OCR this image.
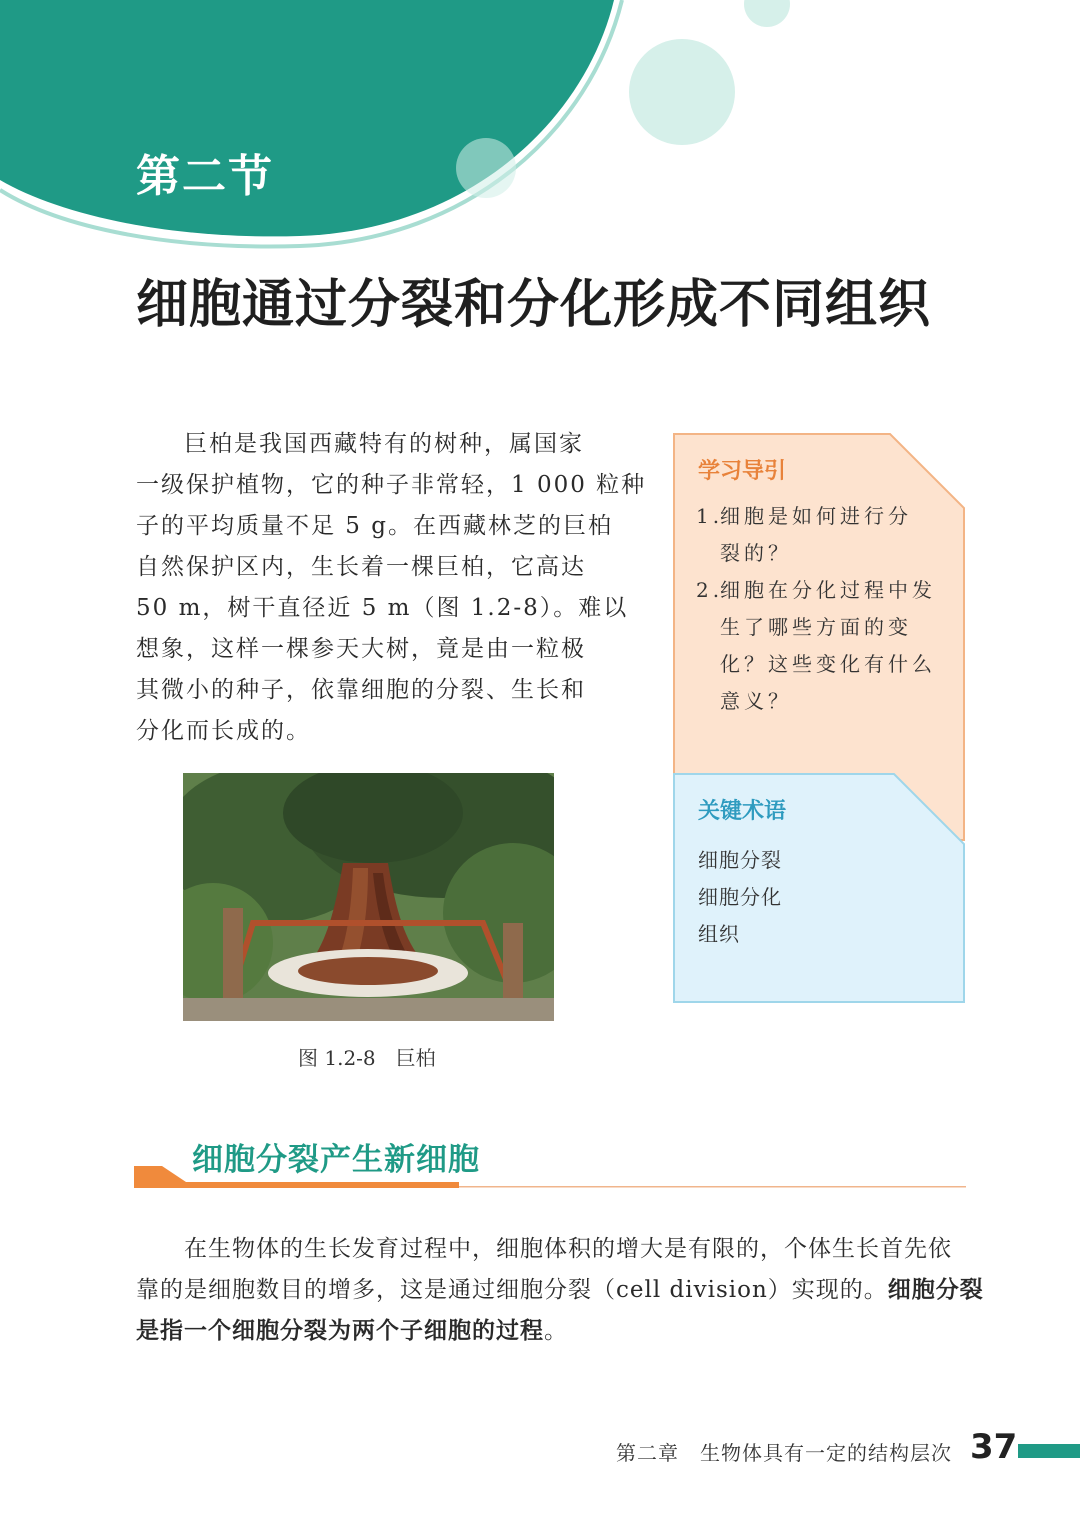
第二节
细胞通过分裂和分化形成不同组织
巨柏是我国西藏特有的树种，属国家
一级保护植物，它的种子非常轻，1 000 粒种
子的平均质量不足 5 g。在西藏林芝的巨柏
自然保护区内，生长着一棵巨柏，它高达
50 m，树干直径近 5 m（图 1.2-8）。难以
想象，这样一棵参天大树，竟是由一粒极
其微小的种子，依靠细胞的分裂、生长和
分化而长成的。
图 1.2-8　巨柏
学习导引
1.
细胞是如何进行分
裂的？
2.
细胞在分化过程中发
生了哪些方面的变
化？这些变化有什么
意义？
关键术语
细胞分裂
细胞分化
组织
细胞分裂产生新细胞
在生物体的生长发育过程中，细胞体积的增大是有限的，个体生长首先依
靠的是细胞数目的增多，这是通过细胞分裂（cell division）实现的。细胞分裂
是指一个细胞分裂为两个子细胞的过程。
第二章　生物体具有一定的结构层次 37
